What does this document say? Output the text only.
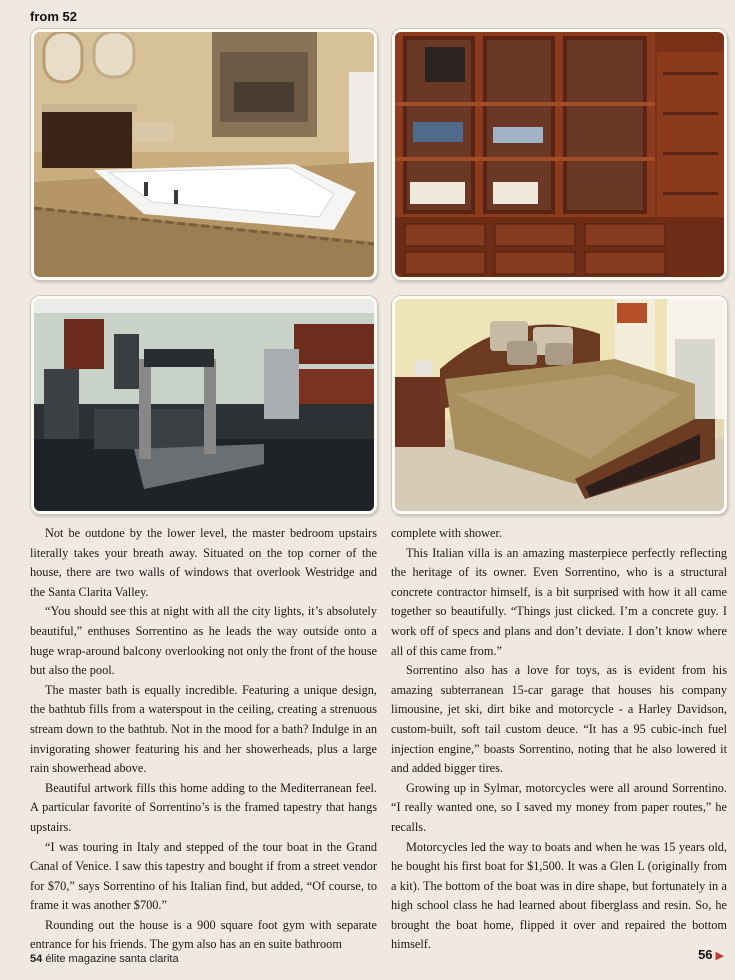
from 52

Not be outdone by the lower level, the master bedroom upstairs literally takes your breath away. Situated on the top corner of the house, there are two walls of windows that overlook Westridge and the Santa Clarita Valley.

“You should see this at night with all the city lights, it’s absolutely beautiful,” enthuses Sorrentino as he leads the way outside onto a huge wrap-around balcony overlooking not only the front of the house but also the pool.

The master bath is equally incredible. Featuring a unique design, the bathtub fills from a waterspout in the ceiling, creating a strenuous stream down to the bathtub. Not in the mood for a bath? Indulge in an invigorating shower featuring his and her showerheads, plus a large rain showerhead above.

Beautiful artwork fills this home adding to the Mediterranean feel. A particular favorite of Sorrentino’s is the framed tapestry that hangs upstairs.

“I was touring in Italy and stepped of the tour boat in the Grand Canal of Venice. I saw this tapestry and bought if from a street vendor for $70,” says Sorrentino of his Italian find, but added, “Of course, to frame it was another $700.”

Rounding out the house is a 900 square foot gym with separate entrance for his friends. The gym also has an en suite bathroom

complete with shower.

This Italian villa is an amazing masterpiece perfectly reflecting the heritage of its owner. Even Sorrentino, who is a structural concrete contractor himself, is a bit surprised with how it all came together so beautifully. “Things just clicked. I’m a concrete guy. I work off of specs and plans and don’t deviate. I don’t know where all of this came from.”

Sorrentino also has a love for toys, as is evident from his amazing subterranean 15-car garage that houses his company limousine, jet ski, dirt bike and motorcycle - a Harley Davidson, custom-built, soft tail custom deuce. “It has a 95 cubic-inch fuel injection engine,” boasts Sorrentino, noting that he also lowered it and added bigger tires.

Growing up in Sylmar, motorcycles were all around Sorrentino. “I really wanted one, so I saved my money from paper routes,” he recalls.

Motorcycles led the way to boats and when he was 15 years old, he bought his first boat for $1,500. It was a Glen L (originally from a kit). The bottom of the boat was in dire shape, but fortunately in a high school class he had learned about fiberglass and resin. So, he brought the boat home, flipped it over and repaired the bottom himself.

54 élite magazine santa clarita	56 ▶
